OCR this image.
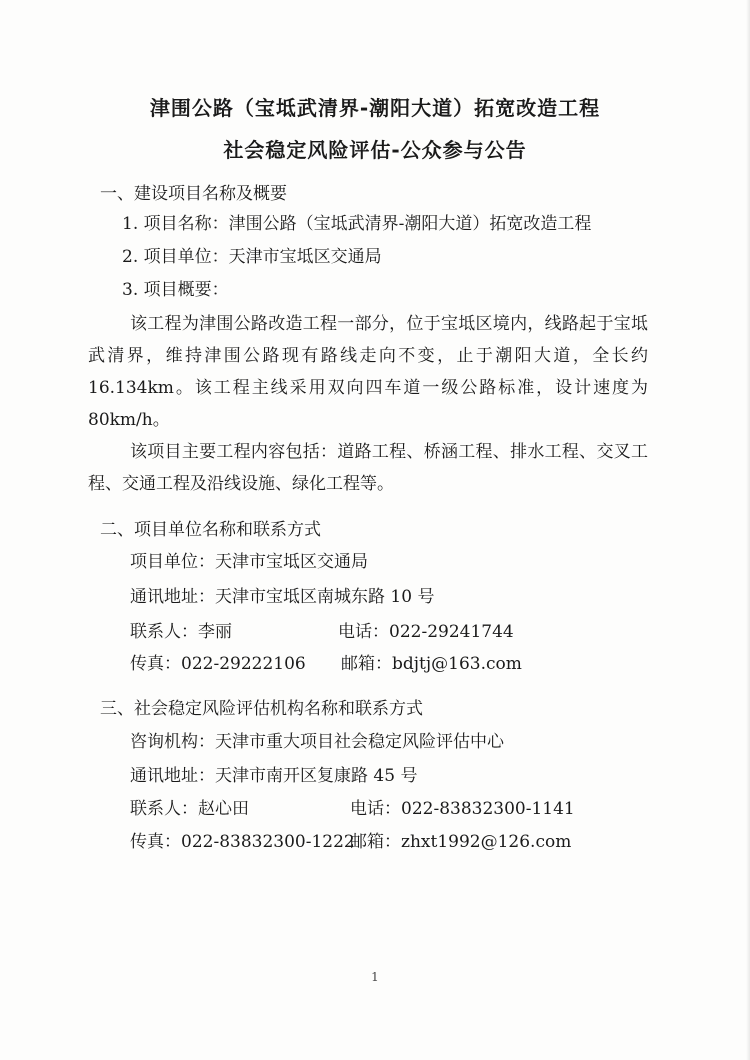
津围公路（宝坻武清界-潮阳大道）拓宽改造工程
社会稳定风险评估-公众参与公告
一、建设项目名称及概要
1. 项目名称：津围公路（宝坻武清界-潮阳大道）拓宽改造工程
2. 项目单位：天津市宝坻区交通局
3. 项目概要：
该工程为津围公路改造工程一部分，位于宝坻区境内，线路起于宝坻武清界，维持津围公路现有路线走向不变，止于潮阳大道，全长约16.134km。该工程主线采用双向四车道一级公路标准，设计速度为80km/h。
该项目主要工程内容包括：道路工程、桥涵工程、排水工程、交叉工程、交通工程及沿线设施、绿化工程等。
二、项目单位名称和联系方式
项目单位：天津市宝坻区交通局
通讯地址：天津市宝坻区南城东路 10 号
联系人：李丽	电话：022-29241744
传真：022-29222106 邮箱：bdjtj@163.com
三、社会稳定风险评估机构名称和联系方式
咨询机构：天津市重大项目社会稳定风险评估中心
通讯地址：天津市南开区复康路 45 号
联系人：赵心田	电话：022-83832300-1141
传真：022-83832300-1222
邮箱：zhxt1992@126.com
1
